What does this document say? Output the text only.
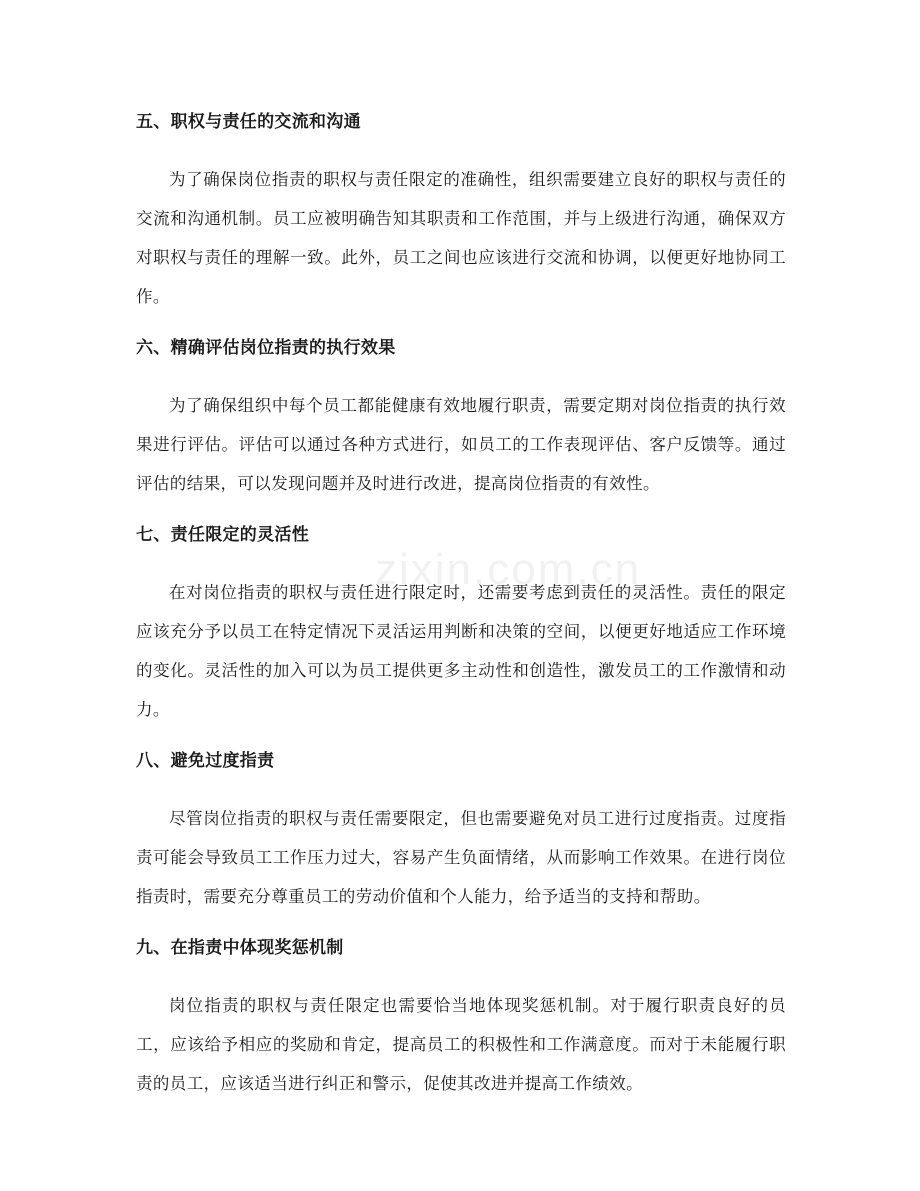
zixin.com.cn
五、职权与责任的交流和沟通

为了确保岗位指责的职权与责任限定的准确性，组织需要建立良好的职权与责任的交流和沟通机制。员工应被明确告知其职责和工作范围，并与上级进行沟通，确保双方对职权与责任的理解一致。此外，员工之间也应该进行交流和协调，以便更好地协同工作。

六、精确评估岗位指责的执行效果

为了确保组织中每个员工都能健康有效地履行职责，需要定期对岗位指责的执行效果进行评估。评估可以通过各种方式进行，如员工的工作表现评估、客户反馈等。通过评估的结果，可以发现问题并及时进行改进，提高岗位指责的有效性。

七、责任限定的灵活性

在对岗位指责的职权与责任进行限定时，还需要考虑到责任的灵活性。责任的限定应该充分予以员工在特定情况下灵活运用判断和决策的空间，以便更好地适应工作环境的变化。灵活性的加入可以为员工提供更多主动性和创造性，激发员工的工作激情和动力。

八、避免过度指责

尽管岗位指责的职权与责任需要限定，但也需要避免对员工进行过度指责。过度指责可能会导致员工工作压力过大，容易产生负面情绪，从而影响工作效果。在进行岗位指责时，需要充分尊重员工的劳动价值和个人能力，给予适当的支持和帮助。

九、在指责中体现奖惩机制

岗位指责的职权与责任限定也需要恰当地体现奖惩机制。对于履行职责良好的员工，应该给予相应的奖励和肯定，提高员工的积极性和工作满意度。而对于未能履行职责的员工，应该适当进行纠正和警示，促使其改进并提高工作绩效。
